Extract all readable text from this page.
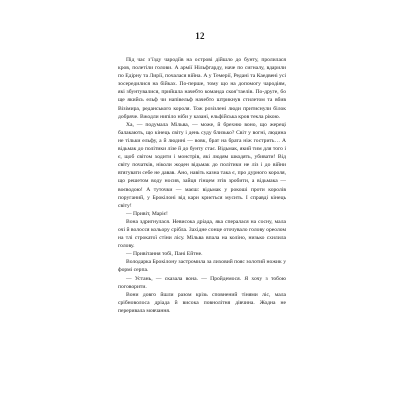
12

Під час з’їзду чародіїв на острові дійшло до бунту, пролилася кров, полетіли голови. А армії Нільфгарду, наче по сигналу, вдарили по Едірну та Лирії, почалася війна. А у Темерії, Редані та Каедвені усі зосередилися на бійках. По-перше, тому що на допомогу чародіям, які збунтувалися, прийшла начебто команда скоя’таелів. По-друге, бо ще якийсь ельф чи напівельф начебто штрикнув стилетом та вбив Візімира, реданського короля. Тож розізлені люди притиснули білок добряче. Вжодли нипіло ніби у казані, ельфійська кров текла рікою.

Ха, — подумала Мільва, — може, й брехню воно, що жереці балакають, що кінець світу і день суду близько? Світ у вогні, людина не тільки ельфу, а й людині — вовк, брат на брата ніж гострить… А відьмак до політики лізе й до бунту стає. Відьмак, який тим для того і є, щоб світом ходити і монстрів, які людям шкодять, убивати! Від світу початків, ніколи жоден відьмак до політики не ліз і до війни втягувати себе не давав. Ано, навіть казна така є, про дурного короля, що решетом воду носив, зайця гінцем зтів зробити, а відьмака — воєводою! А туточки — маєш: відьмак у рокоші проти королів поруганий, у Брокілоні від кари криється мусить. І справді кінець світу!

— Привіт, Маріє!

Вона здригнулася. Невисока дріада, яка спералася на сосну, мала очі й волосся кольору срібла. Західне сонце оточувало голову ореолом на тлі строкатої стіни лісу. Мільва впала на коліно, низько схилила голову.

— Привітання тобі, Пані Ейтне.

Володарка Брокілону застромила за лиховий пояс золотий ножик у формі серпа.

— Устань, — сказала вона. — Пройдемося. Я хочу з тобою поговорити.

Вони довго йшли разом крізь сповнений тінями ліс, мала срібноволоса дріада й висока повнолітня дівчина. Жодна не переривала мовчання.
